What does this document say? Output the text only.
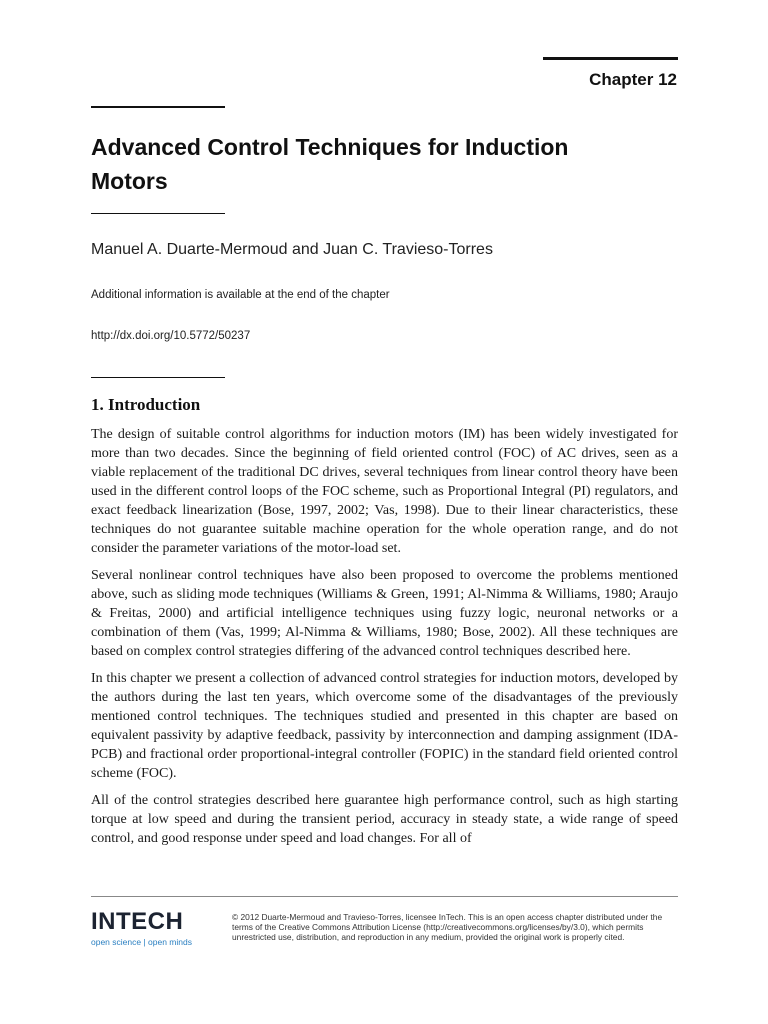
Chapter 12
Advanced Control Techniques for Induction Motors
Manuel A. Duarte-Mermoud and Juan C. Travieso-Torres
Additional information is available at the end of the chapter
http://dx.doi.org/10.5772/50237
1. Introduction

The design of suitable control algorithms for induction motors (IM) has been widely investigated for more than two decades. Since the beginning of field oriented control (FOC) of AC drives, seen as a viable replacement of the traditional DC drives, several techniques from linear control theory have been used in the different control loops of the FOC scheme, such as Proportional Integral (PI) regulators, and exact feedback linearization (Bose, 1997, 2002; Vas, 1998). Due to their linear characteristics, these techniques do not guarantee suitable machine operation for the whole operation range, and do not consider the parameter variations of the motor-load set.

Several nonlinear control techniques have also been proposed to overcome the problems mentioned above, such as sliding mode techniques (Williams & Green, 1991; Al-Nimma & Williams, 1980; Araujo & Freitas, 2000) and artificial intelligence techniques using fuzzy logic, neuronal networks or a combination of them (Vas, 1999; Al-Nimma & Williams, 1980; Bose, 2002). All these techniques are based on complex control strategies differing of the advanced control techniques described here.

In this chapter we present a collection of advanced control strategies for induction motors, developed by the authors during the last ten years, which overcome some of the disadvantages of the previously mentioned control techniques. The techniques studied and presented in this chapter are based on equivalent passivity by adaptive feedback, passivity by interconnection and damping assignment (IDA-PCB) and fractional order proportional-integral controller (FOPIC) in the standard field oriented control scheme (FOC).

All of the control strategies described here guarantee high performance control, such as high starting torque at low speed and during the transient period, accuracy in steady state, a wide range of speed control, and good response under speed and load changes. For all of

INTECH
open science | open minds
© 2012 Duarte-Mermoud and Travieso-Torres, licensee InTech. This is an open access chapter distributed under the terms of the Creative Commons Attribution License (http://creativecommons.org/licenses/by/3.0), which permits unrestricted use, distribution, and reproduction in any medium, provided the original work is properly cited.
